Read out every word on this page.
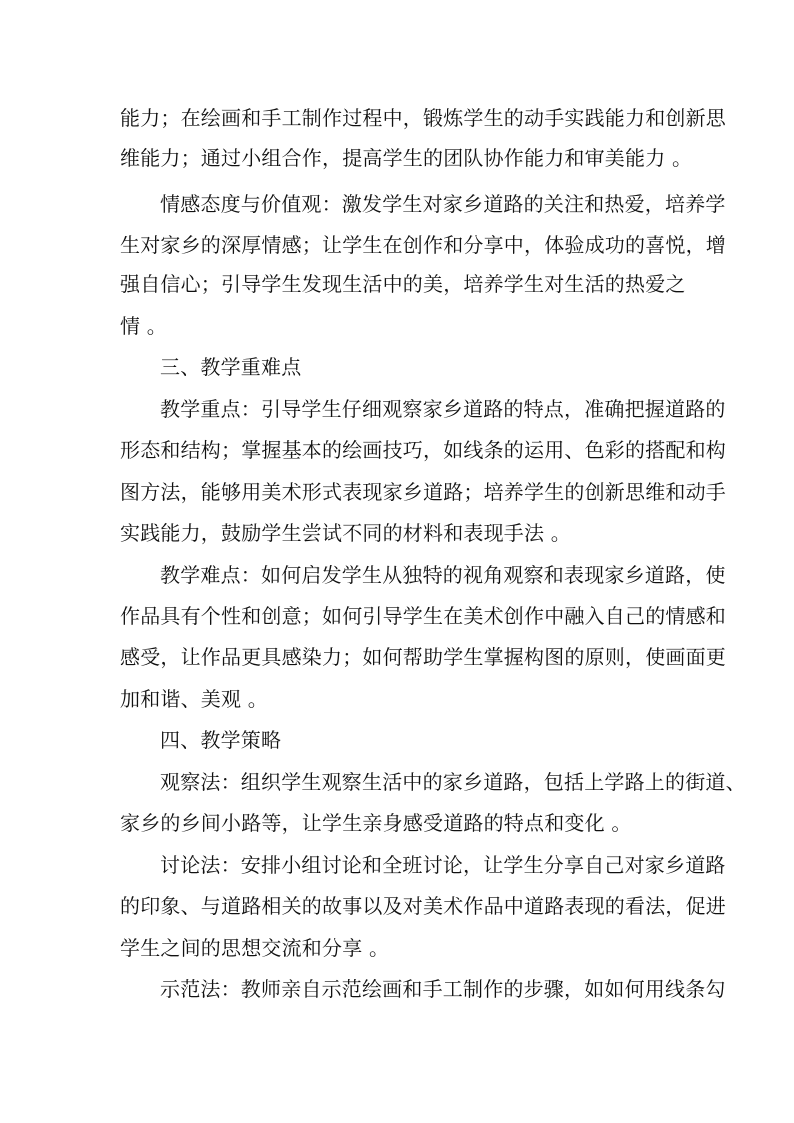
能力；在绘画和手工制作过程中，锻炼学生的动手实践能力和创新思
维能力；通过小组合作，提高学生的团队协作能力和审美能力 。
情感态度与价值观：激发学生对家乡道路的关注和热爱，培养学
生对家乡的深厚情感；让学生在创作和分享中，体验成功的喜悦，增
强自信心；引导学生发现生活中的美，培养学生对生活的热爱之
情 。
三、教学重难点
教学重点：引导学生仔细观察家乡道路的特点，准确把握道路的
形态和结构；掌握基本的绘画技巧，如线条的运用、色彩的搭配和构
图方法，能够用美术形式表现家乡道路；培养学生的创新思维和动手
实践能力，鼓励学生尝试不同的材料和表现手法 。
教学难点：如何启发学生从独特的视角观察和表现家乡道路，使
作品具有个性和创意；如何引导学生在美术创作中融入自己的情感和
感受，让作品更具感染力；如何帮助学生掌握构图的原则，使画面更
加和谐、美观 。
四、教学策略
观察法：组织学生观察生活中的家乡道路，包括上学路上的街道、
家乡的乡间小路等，让学生亲身感受道路的特点和变化 。
讨论法：安排小组讨论和全班讨论，让学生分享自己对家乡道路
的印象、与道路相关的故事以及对美术作品中道路表现的看法，促进
学生之间的思想交流和分享 。
示范法：教师亲自示范绘画和手工制作的步骤，如如何用线条勾
